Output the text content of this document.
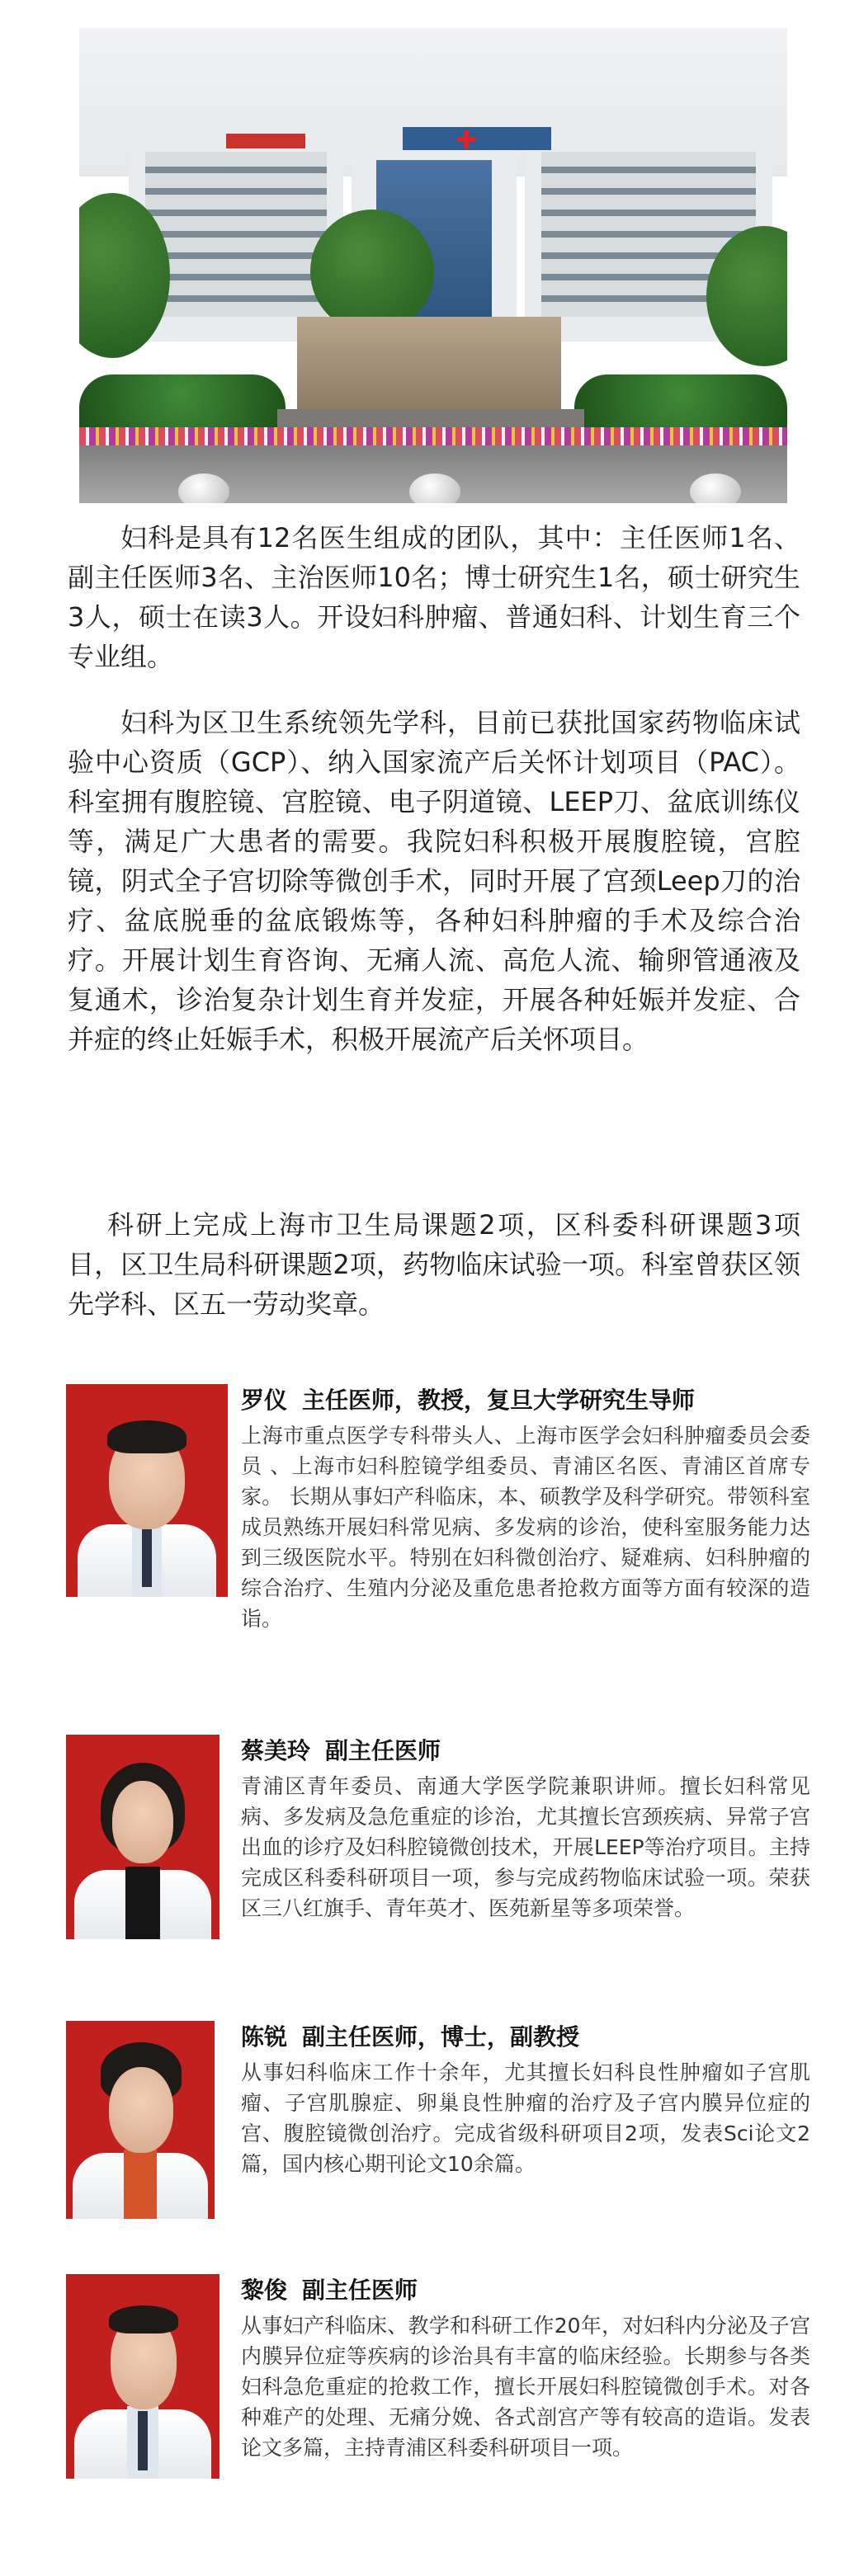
妇科是具有12名医生组成的团队，其中：主任医师1名、副主任医师3名、主治医师10名；博士研究生1名，硕士研究生3人，硕士在读3人。开设妇科肿瘤、普通妇科、计划生育三个专业组。

妇科为区卫生系统领先学科，目前已获批国家药物临床试验中心资质（GCP）、纳入国家流产后关怀计划项目（PAC）。科室拥有腹腔镜、宫腔镜、电子阴道镜、LEEP刀、盆底训练仪等，满足广大患者的需要。我院妇科积极开展腹腔镜，宫腔镜，阴式全子宫切除等微创手术，同时开展了宫颈Leep刀的治疗、盆底脱垂的盆底锻炼等，各种妇科肿瘤的手术及综合治疗。开展计划生育咨询、无痛人流、高危人流、输卵管通液及复通术，诊治复杂计划生育并发症，开展各种妊娠并发症、合并症的终止妊娠手术，积极开展流产后关怀项目。

科研上完成上海市卫生局课题2项，区科委科研课题3项目，区卫生局科研课题2项，药物临床试验一项。科室曾获区领先学科、区五一劳动奖章。

罗仪 主任医师，教授，复旦大学研究生导师

上海市重点医学专科带头人、上海市医学会妇科肿瘤委员会委员 、上海市妇科腔镜学组委员、青浦区名医、青浦区首席专家。 长期从事妇产科临床，本、硕教学及科学研究。带领科室成员熟练开展妇科常见病、多发病的诊治，使科室服务能力达到三级医院水平。特别在妇科微创治疗、疑难病、妇科肿瘤的综合治疗、生殖内分泌及重危患者抢救方面等方面有较深的造诣。

蔡美玲 副主任医师

青浦区青年委员、南通大学医学院兼职讲师。擅长妇科常见病、多发病及急危重症的诊治，尤其擅长宫颈疾病、异常子宫出血的诊疗及妇科腔镜微创技术，开展LEEP等治疗项目。主持完成区科委科研项目一项，参与完成药物临床试验一项。荣获区三八红旗手、青年英才、医苑新星等多项荣誉。

陈锐 副主任医师，博士，副教授

从事妇科临床工作十余年，尤其擅长妇科良性肿瘤如子宫肌瘤、子宫肌腺症、卵巢良性肿瘤的治疗及子宫内膜异位症的宫、腹腔镜微创治疗。完成省级科研项目2项，发表Sci论文2篇，国内核心期刊论文10余篇。

黎俊 副主任医师

从事妇产科临床、教学和科研工作20年，对妇科内分泌及子宫内膜异位症等疾病的诊治具有丰富的临床经验。长期参与各类妇科急危重症的抢救工作，擅长开展妇科腔镜微创手术。对各种难产的处理、无痛分娩、各式剖宫产等有较高的造诣。发表论文多篇，主持青浦区科委科研项目一项。
